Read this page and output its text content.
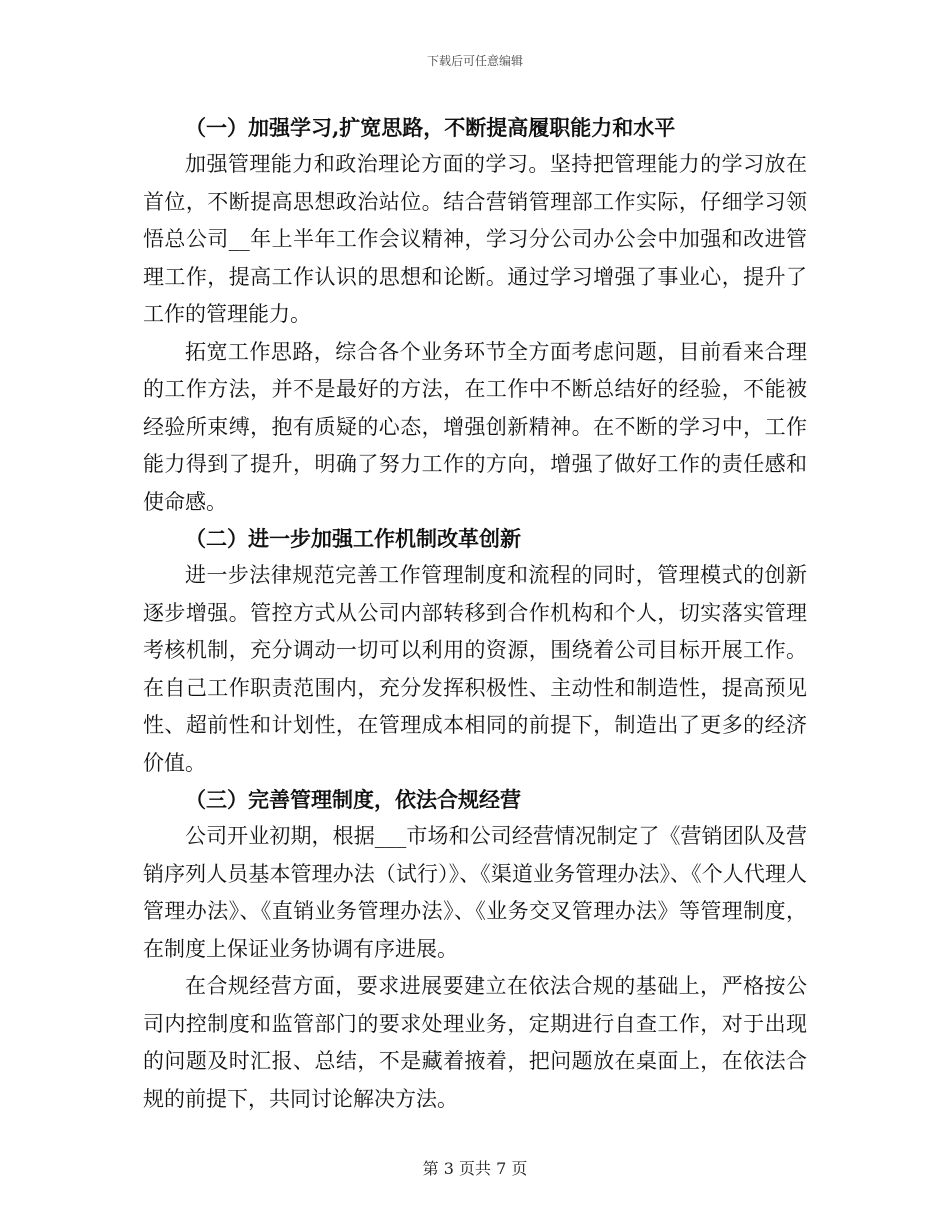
下载后可任意编辑
（一）加强学习,扩宽思路，不断提高履职能力和水平

加强管理能力和政治理论方面的学习。坚持把管理能力的学习放在首位，不断提高思想政治站位。结合营销管理部工作实际，仔细学习领悟总公司__年上半年工作会议精神，学习分公司办公会中加强和改进管理工作，提高工作认识的思想和论断。通过学习增强了事业心，提升了工作的管理能力。

拓宽工作思路，综合各个业务环节全方面考虑问题，目前看来合理的工作方法，并不是最好的方法，在工作中不断总结好的经验，不能被经验所束缚，抱有质疑的心态，增强创新精神。在不断的学习中，工作能力得到了提升，明确了努力工作的方向，增强了做好工作的责任感和使命感。

（二）进一步加强工作机制改革创新

进一步法律规范完善工作管理制度和流程的同时，管理模式的创新逐步增强。管控方式从公司内部转移到合作机构和个人，切实落实管理考核机制，充分调动一切可以利用的资源，围绕着公司目标开展工作。在自己工作职责范围内，充分发挥积极性、主动性和制造性，提高预见性、超前性和计划性，在管理成本相同的前提下，制造出了更多的经济价值。

（三）完善管理制度，依法合规经营

公司开业初期，根据___市场和公司经营情况制定了《营销团队及营销序列人员基本管理办法（试行）》、《渠道业务管理办法》、《个人代理人管理办法》、《直销业务管理办法》、《业务交叉管理办法》等管理制度，在制度上保证业务协调有序进展。

在合规经营方面，要求进展要建立在依法合规的基础上，严格按公司内控制度和监管部门的要求处理业务，定期进行自查工作，对于出现的问题及时汇报、总结，不是藏着掖着，把问题放在桌面上，在依法合规的前提下，共同讨论解决方法。

第 3 页共 7 页
